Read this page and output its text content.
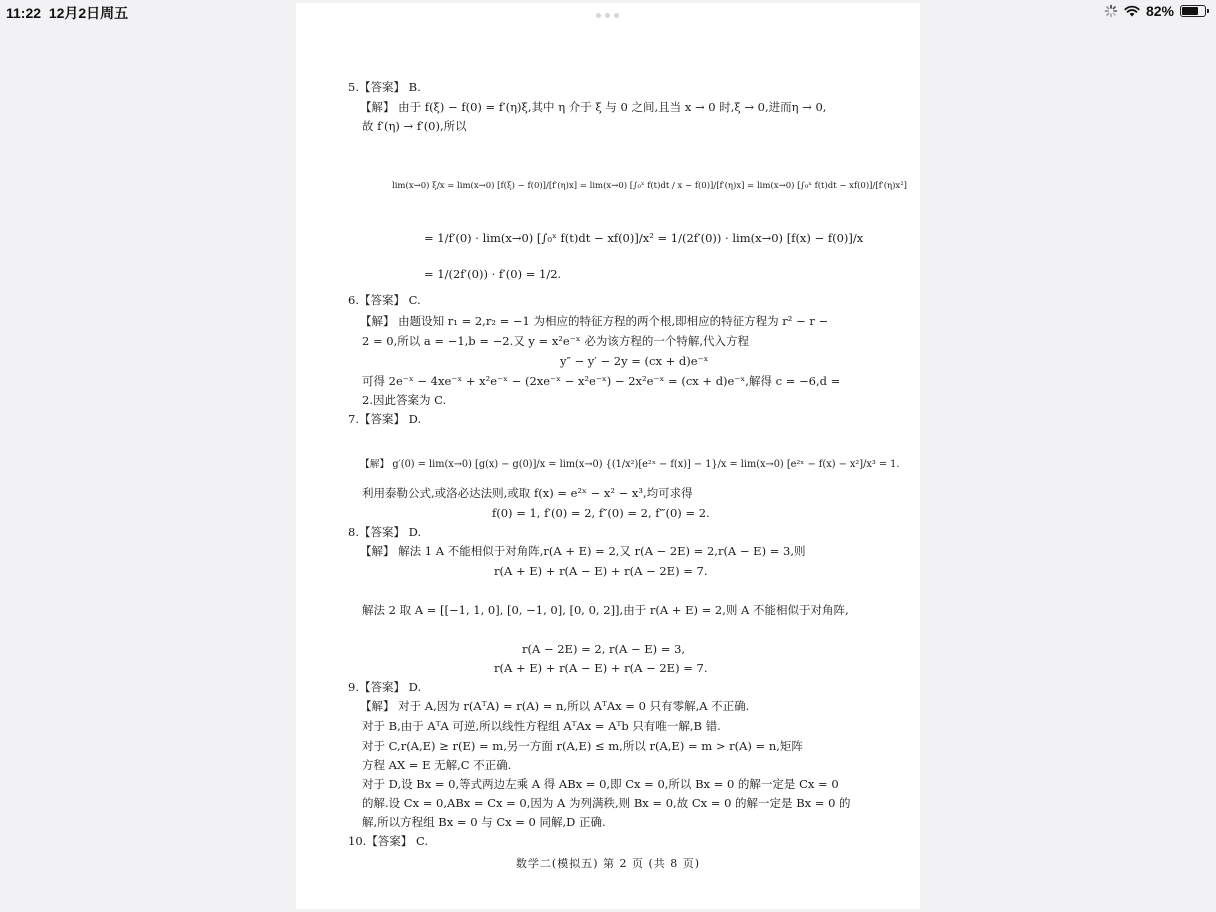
11:22 12月2日周五	82%
5.【答案】 B.
【解】 由于 f(ξ) − f(0) = f′(η)ξ,其中 η 介于 ξ 与 0 之间,且当 x → 0 时,ξ → 0,进而η → 0,
故 f′(η) → f′(0),所以
lim(x→0) ξ/x = lim(x→0) [f(ξ) − f(0)]/[f′(η)x] = lim(x→0) [∫₀ˣ f(t)dt / x − f(0)]/[f′(η)x] = lim(x→0) [∫₀ˣ f(t)dt − xf(0)]/[f′(η)x²]
= 1/f′(0) · lim(x→0) [∫₀ˣ f(t)dt − xf(0)]/x² = 1/(2f′(0)) · lim(x→0) [f(x) − f(0)]/x
= 1/(2f′(0)) · f′(0) = 1/2.
6.【答案】 C.
【解】 由题设知 r₁ = 2,r₂ = −1 为相应的特征方程的两个根,即相应的特征方程为 r² − r −
2 = 0,所以 a = −1,b = −2.又 y = x²e⁻ˣ 必为该方程的一个特解,代入方程
y″ − y′ − 2y = (cx + d)e⁻ˣ
可得 2e⁻ˣ − 4xe⁻ˣ + x²e⁻ˣ − (2xe⁻ˣ − x²e⁻ˣ) − 2x²e⁻ˣ = (cx + d)e⁻ˣ,解得 c = −6,d =
2.因此答案为 C.
7.【答案】 D.
【解】 g′(0) = lim(x→0) [g(x) − g(0)]/x = lim(x→0) {(1/x²)[e²ˣ − f(x)] − 1}/x = lim(x→0) [e²ˣ − f(x) − x²]/x³ = 1.
利用泰勒公式,或洛必达法则,或取 f(x) = e²ˣ − x² − x³,均可求得
f(0) = 1, f′(0) = 2, f″(0) = 2, f‴(0) = 2.
8.【答案】 D.
【解】 解法 1 A 不能相似于对角阵,r(A + E) = 2,又 r(A − 2E) = 2,r(A − E) = 3,则
r(A + E) + r(A − E) + r(A − 2E) = 7.
解法 2 取 A = [[−1, 1, 0], [0, −1, 0], [0, 0, 2]],由于 r(A + E) = 2,则 A 不能相似于对角阵,
r(A − 2E) = 2, r(A − E) = 3,
r(A + E) + r(A − E) + r(A − 2E) = 7.
9.【答案】 D.
【解】 对于 A,因为 r(AᵀA) = r(A) = n,所以 AᵀAx = 0 只有零解,A 不正确.
对于 B,由于 AᵀA 可逆,所以线性方程组 AᵀAx = Aᵀb 只有唯一解,B 错.
对于 C,r(A,E) ≥ r(E) = m,另一方面 r(A,E) ≤ m,所以 r(A,E) = m > r(A) = n,矩阵
方程 AX = E 无解,C 不正确.
对于 D,设 Bx = 0,等式两边左乘 A 得 ABx = 0,即 Cx = 0,所以 Bx = 0 的解一定是 Cx = 0
的解.设 Cx = 0,ABx = Cx = 0,因为 A 为列满秩,则 Bx = 0,故 Cx = 0 的解一定是 Bx = 0 的
解,所以方程组 Bx = 0 与 Cx = 0 同解,D 正确.
10.【答案】 C.
数学二(模拟五) 第 2 页 (共 8 页)
